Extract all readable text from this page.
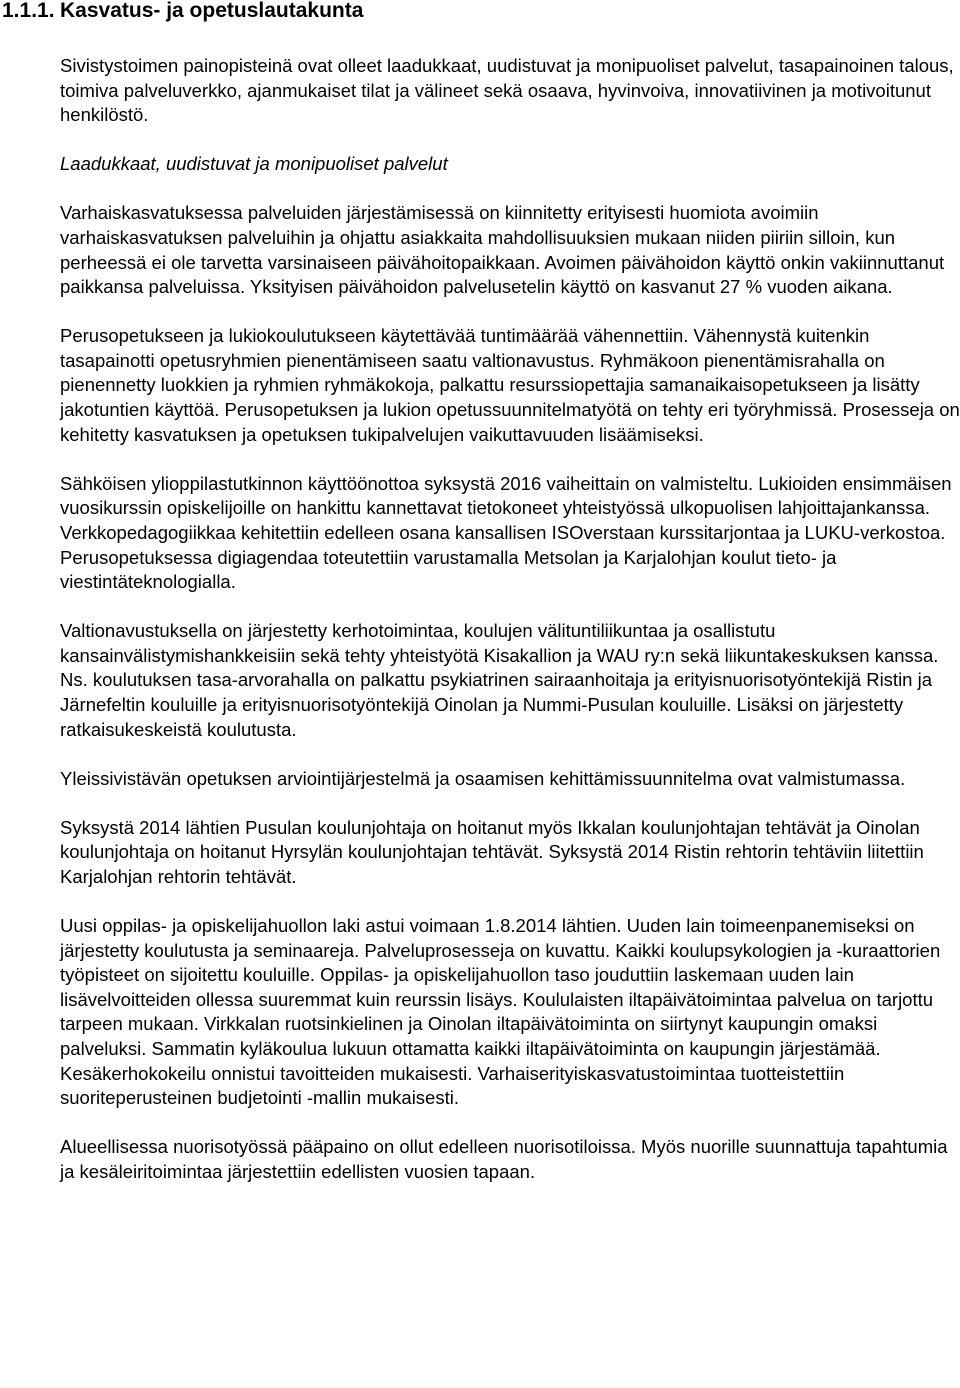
1.1.1. Kasvatus- ja opetuslautakunta

Sivistystoimen painopisteinä ovat olleet laadukkaat, uudistuvat ja monipuoliset palvelut, tasapainoinen talous, toimiva palveluverkko, ajanmukaiset tilat ja välineet sekä osaava, hyvinvoiva, innovatiivinen ja motivoitunut henkilöstö.

Laadukkaat, uudistuvat ja monipuoliset palvelut

Varhaiskasvatuksessa palveluiden järjestämisessä on kiinnitetty erityisesti huomiota avoimiin varhaiskasvatuksen palveluihin ja ohjattu asiakkaita mahdollisuuksien mukaan niiden piiriin silloin, kun perheessä ei ole tarvetta varsinaiseen päivähoitopaikkaan. Avoimen päivähoidon käyttö onkin vakiinnuttanut paikkansa palveluissa. Yksityisen päivähoidon palvelusetelin käyttö on kasvanut 27 % vuoden aikana.

Perusopetukseen ja lukiokoulutukseen käytettävää tuntimäärää vähennettiin. Vähennystä kuitenkin tasapainotti opetusryhmien pienentämiseen saatu valtionavustus. Ryhmäkoon pienentämisrahalla on pienennetty luokkien ja ryhmien ryhmäkokoja, palkattu resurssiopettajia samanaikaisopetukseen ja lisätty jakotuntien käyttöä. Perusopetuksen ja lukion opetussuunnitelmatyötä on tehty eri työryhmissä. Prosesseja on kehitetty kasvatuksen ja opetuksen tukipalvelujen vaikuttavuuden lisäämiseksi.

Sähköisen ylioppilastutkinnon käyttöönottoa syksystä 2016 vaiheittain on valmisteltu. Lukioiden ensimmäisen vuosikurssin opiskelijoille on hankittu kannettavat tietokoneet yhteistyössä ulkopuolisen lahjoittajankanssa. Verkkopedagogiikkaa kehitettiin edelleen osana kansallisen ISOverstaan kurssitarjontaa ja LUKU-verkostoa. Perusopetuksessa digiagendaa toteutettiin varustamalla Metsolan ja Karjalohjan koulut tieto- ja viestintäteknologialla.

Valtionavustuksella on järjestetty kerhotoimintaa, koulujen välituntiliikuntaa ja osallistutu kansainvälistymishankkeisiin sekä tehty yhteistyötä Kisakallion ja WAU ry:n sekä liikuntakeskuksen kanssa. Ns. koulutuksen tasa-arvorahalla on palkattu psykiatrinen sairaanhoitaja ja erityisnuorisotyöntekijä Ristin ja Järnefeltin kouluille ja erityisnuorisotyöntekijä Oinolan ja Nummi-Pusulan kouluille. Lisäksi on järjestetty ratkaisukeskeistä koulutusta.

Yleissivistävän opetuksen arviointijärjestelmä ja osaamisen kehittämissuunnitelma ovat valmistumassa.

Syksystä 2014 lähtien Pusulan koulunjohtaja on hoitanut myös Ikkalan koulunjohtajan tehtävät ja Oinolan koulunjohtaja on hoitanut Hyrsylän koulunjohtajan tehtävät. Syksystä 2014 Ristin rehtorin tehtäviin liitettiin Karjalohjan rehtorin tehtävät.

Uusi oppilas- ja opiskelijahuollon laki astui voimaan 1.8.2014 lähtien. Uuden lain toimeenpanemiseksi on järjestetty koulutusta ja seminaareja. Palveluprosesseja on kuvattu. Kaikki koulupsykologien ja -kuraattorien työpisteet on sijoitettu kouluille. Oppilas- ja opiskelijahuollon taso jouduttiin laskemaan uuden lain lisävelvoitteiden ollessa suuremmat kuin reurssin lisäys. Koululaisten iltapäivätoimintaa palvelua on tarjottu tarpeen mukaan. Virkkalan ruotsinkielinen ja Oinolan iltapäivätoiminta on siirtynyt kaupungin omaksi palveluksi. Sammatin kyläkoulua lukuun ottamatta kaikki iltapäivätoiminta on kaupungin järjestämää. Kesäkerhokokeilu onnistui tavoitteiden mukaisesti. Varhaiserityiskasvatustoimintaa tuotteistettiin suoriteperusteinen budjetointi -mallin mukaisesti.

Alueellisessa nuorisotyössä pääpaino on ollut edelleen nuorisotiloissa. Myös nuorille suunnattuja tapahtumia ja kesäleiritoimintaa järjestettiin edellisten vuosien tapaan.
